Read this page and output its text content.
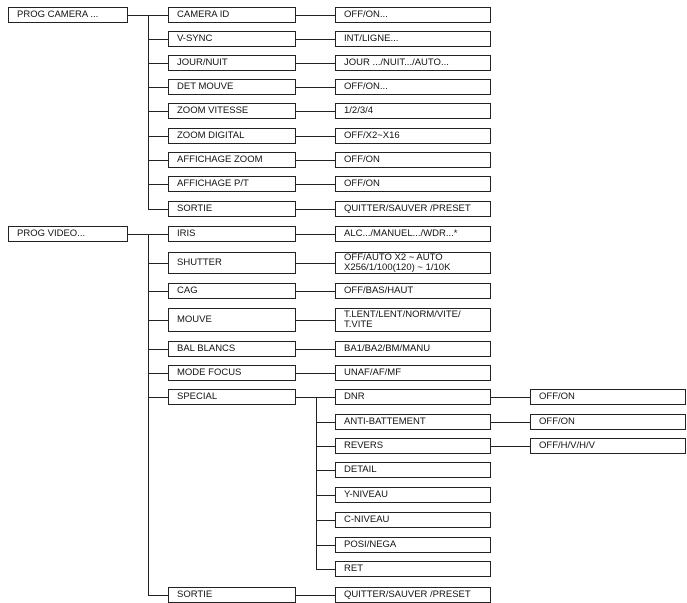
PROG CAMERA ...	CAMERA ID	OFF/ON...
V-SYNC	INT/LIGNE...
JOUR/NUIT	JOUR .../NUIT.../AUTO...
DET MOUVE	OFF/ON...
ZOOM VITESSE	1/2/3/4
ZOOM DIGITAL	OFF/X2~X16
AFFICHAGE ZOOM	OFF/ON
AFFICHAGE P/T	OFF/ON
SORTIE	QUITTER/SAUVER /PRESET
PROG VIDEO...	IRIS	ALC.../MANUEL.../WDR...*
SHUTTER	OFF/AUTO X2 ~ AUTO
X256/1/100(120) ~ 1/10K
CAG	OFF/BAS/HAUT
MOUVE	T.LENT/LENT/NORM/VITE/
T.VITE
BAL BLANCS	BA1/BA2/BM/MANU
MODE FOCUS	UNAF/AF/MF
SPECIAL
SORTIE	QUITTER/SAUVER /PRESET
DNR	OFF/ON
ANTI-BATTEMENT	OFF/ON
REVERS	OFF/H/V/H/V
DETAIL
Y-NIVEAU
C-NIVEAU
POSI/NEGA
RET
